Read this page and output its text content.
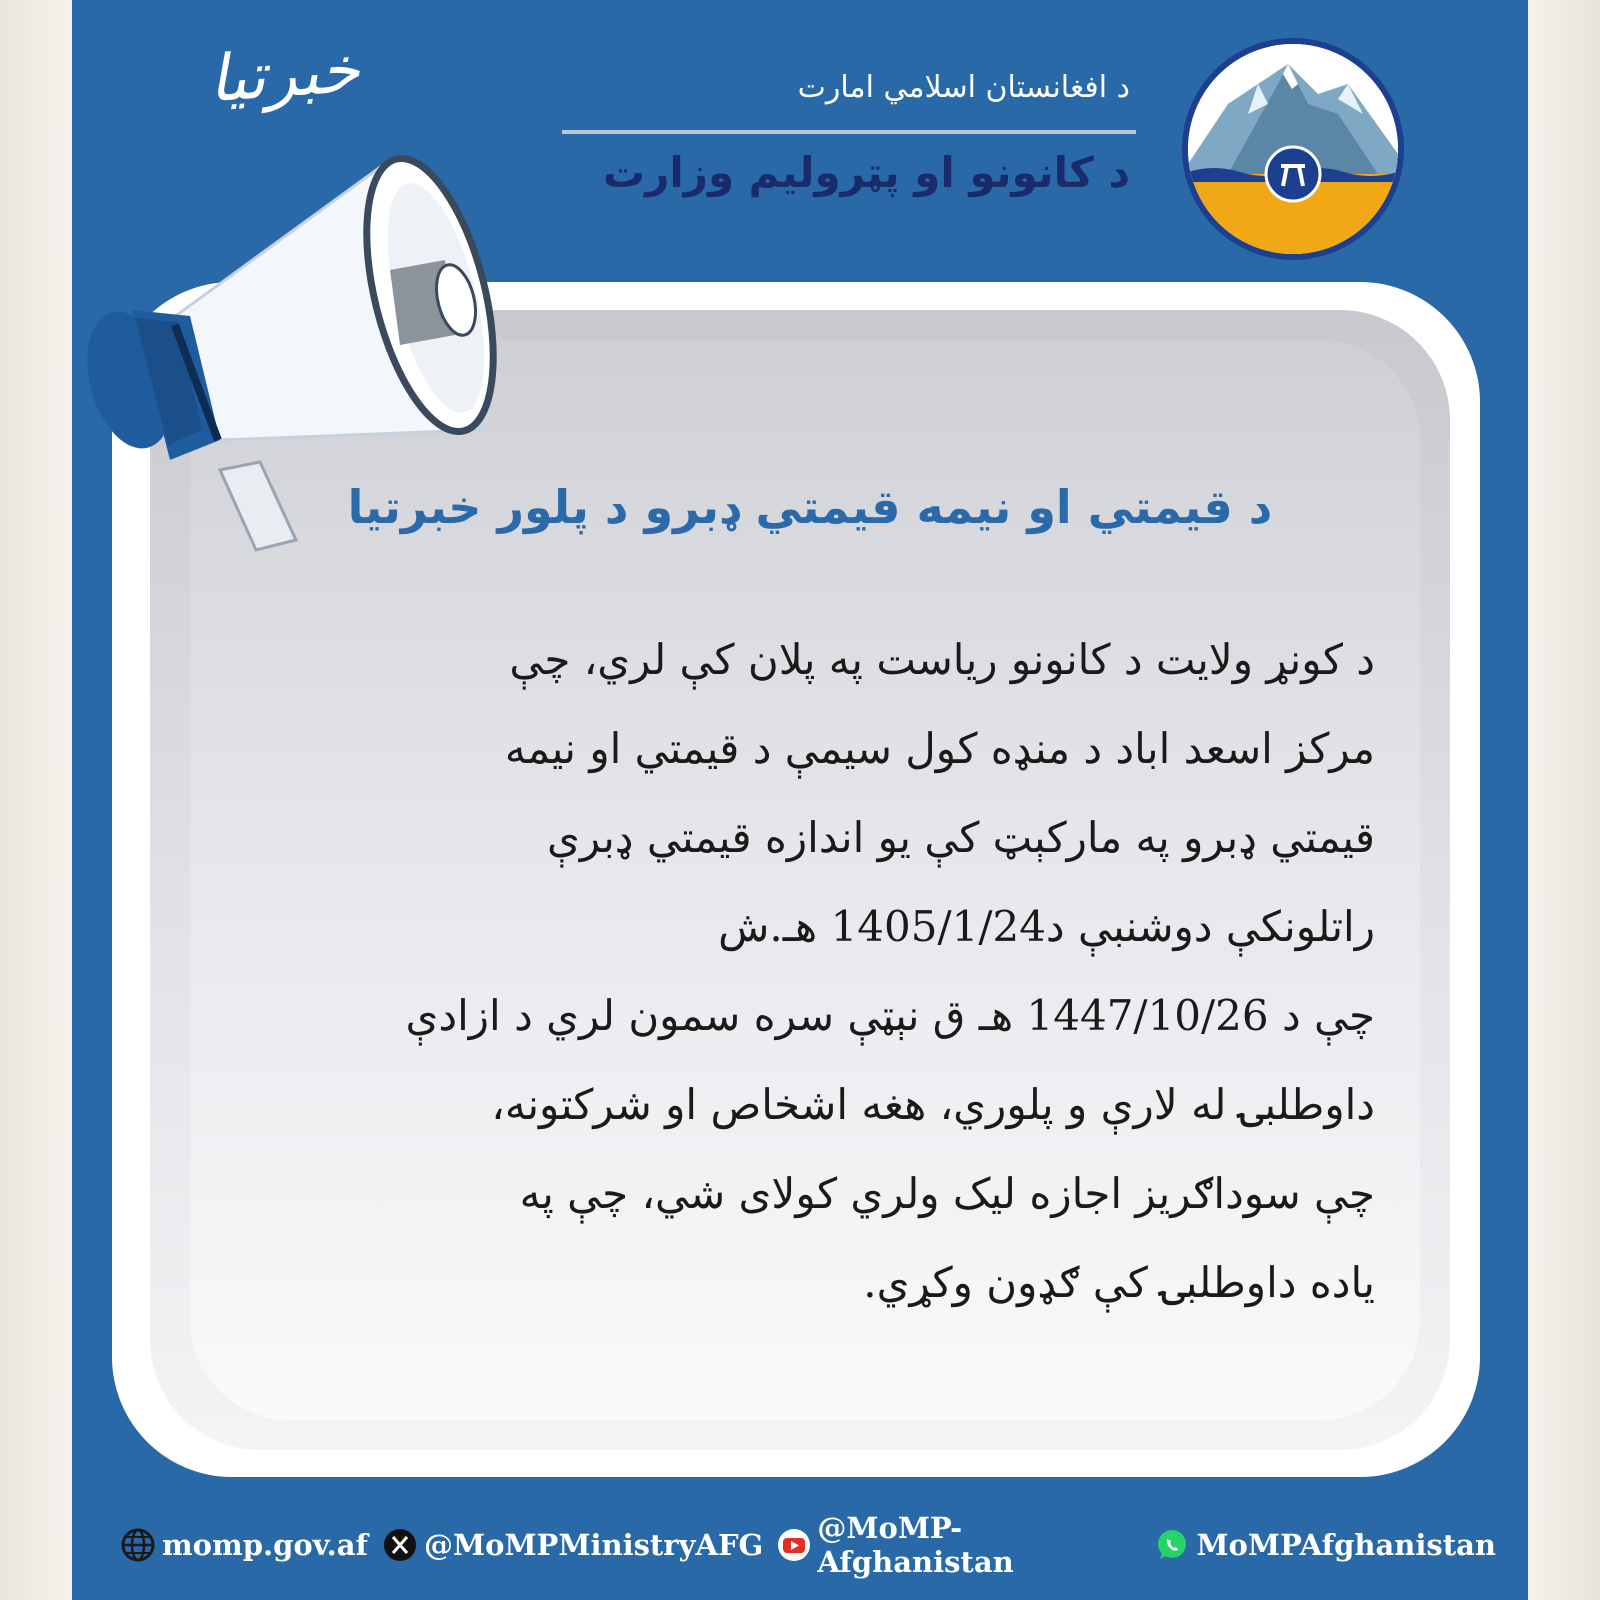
خبرتیا	د افغانستان اسلامي امارت
د کانونو او پټرولیم وزارت
د قیمتي او نیمه قیمتي ډبرو د پلور خبرتیا
د کونړ ولایت د کانونو ریاست په پلان کې لري، چې
مرکز اسعد اباد د منډه کول سیمې د قیمتي او نیمه
قیمتي ډبرو په مارکېټ کې یو اندازه قیمتي ډبرې
راتلونکې دوشنبې د1405/1/24 هـ.ش
چې د 1447/10/26 هـ ق نېټې سره سمون لري د ازادې
داوطلبۍ له لارې و پلوري، هغه اشخاص او شرکتونه،
چې سوداګریز اجازه لیک ولري کولای شي، چې په
یاده داوطلبۍ کې ګډون وکړي.
momp.gov.af @MoMPMinistryAFG @MoMP-Afghanistan	MoMPAfghanistan
